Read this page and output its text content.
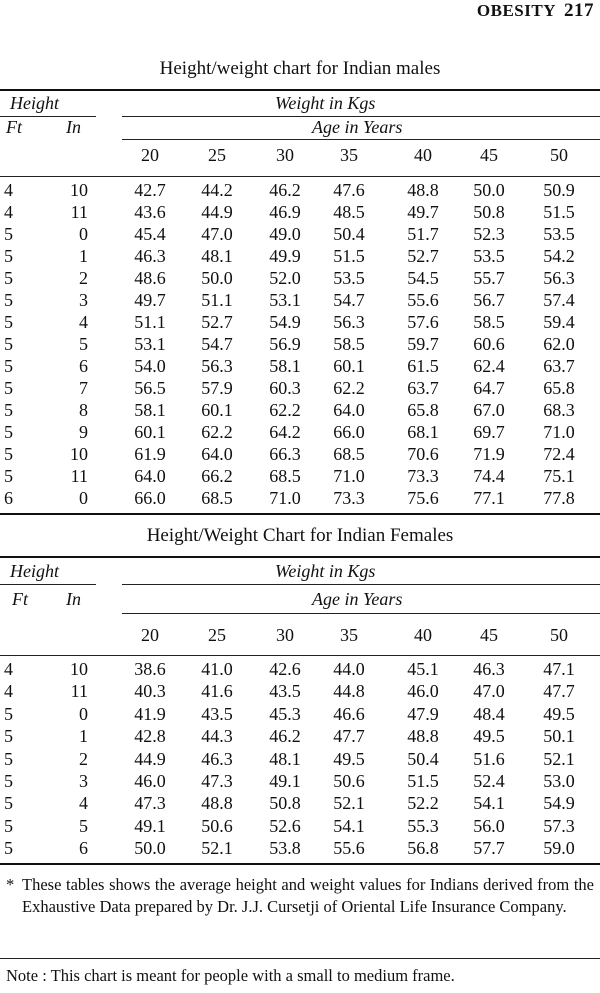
OBESITY 217
Height/weight chart for Indian males
Height	Weight in Kgs
Ft In	Age in Years
20	25	30	35	40	45	50
4	10	42.7	44.2	46.2	47.6	48.8	50.0	50.9
4	11	43.6	44.9	46.9	48.5	49.7	50.8	51.5
5	0	45.4	47.0	49.0	50.4	51.7	52.3	53.5
5	1	46.3	48.1	49.9	51.5	52.7	53.5	54.2
5	2	48.6	50.0	52.0	53.5	54.5	55.7	56.3
5	3	49.7	51.1	53.1	54.7	55.6	56.7	57.4
5	4	51.1	52.7	54.9	56.3	57.6	58.5	59.4
5	5	53.1	54.7	56.9	58.5	59.7	60.6	62.0
5	6	54.0	56.3	58.1	60.1	61.5	62.4	63.7
5	7	56.5	57.9	60.3	62.2	63.7	64.7	65.8
5	8	58.1	60.1	62.2	64.0	65.8	67.0	68.3
5	9	60.1	62.2	64.2	66.0	68.1	69.7	71.0
5	10	61.9	64.0	66.3	68.5	70.6	71.9	72.4
5	11	64.0	66.2	68.5	71.0	73.3	74.4	75.1
6	0	66.0	68.5	71.0	73.3	75.6	77.1	77.8
Height/Weight Chart for Indian Females
Height	Weight in Kgs
Ft In	Age in Years
20	25	30	35	40	45	50
4	10	38.6	41.0	42.6	44.0	45.1	46.3	47.1
4	11	40.3	41.6	43.5	44.8	46.0	47.0	47.7
5	0	41.9	43.5	45.3	46.6	47.9	48.4	49.5
5	1	42.8	44.3	46.2	47.7	48.8	49.5	50.1
5	2	44.9	46.3	48.1	49.5	50.4	51.6	52.1
5	3	46.0	47.3	49.1	50.6	51.5	52.4	53.0
5	4	47.3	48.8	50.8	52.1	52.2	54.1	54.9
5	5	49.1	50.6	52.6	54.1	55.3	56.0	57.3
5	6	50.0	52.1	53.8	55.6	56.8	57.7	59.0
* These tables shows the average height and weight values for Indians derived from the Exhaustive Data prepared by Dr. J.J. Cursetji of Oriental Life Insurance Company.
Note : This chart is meant for people with a small to medium frame.
